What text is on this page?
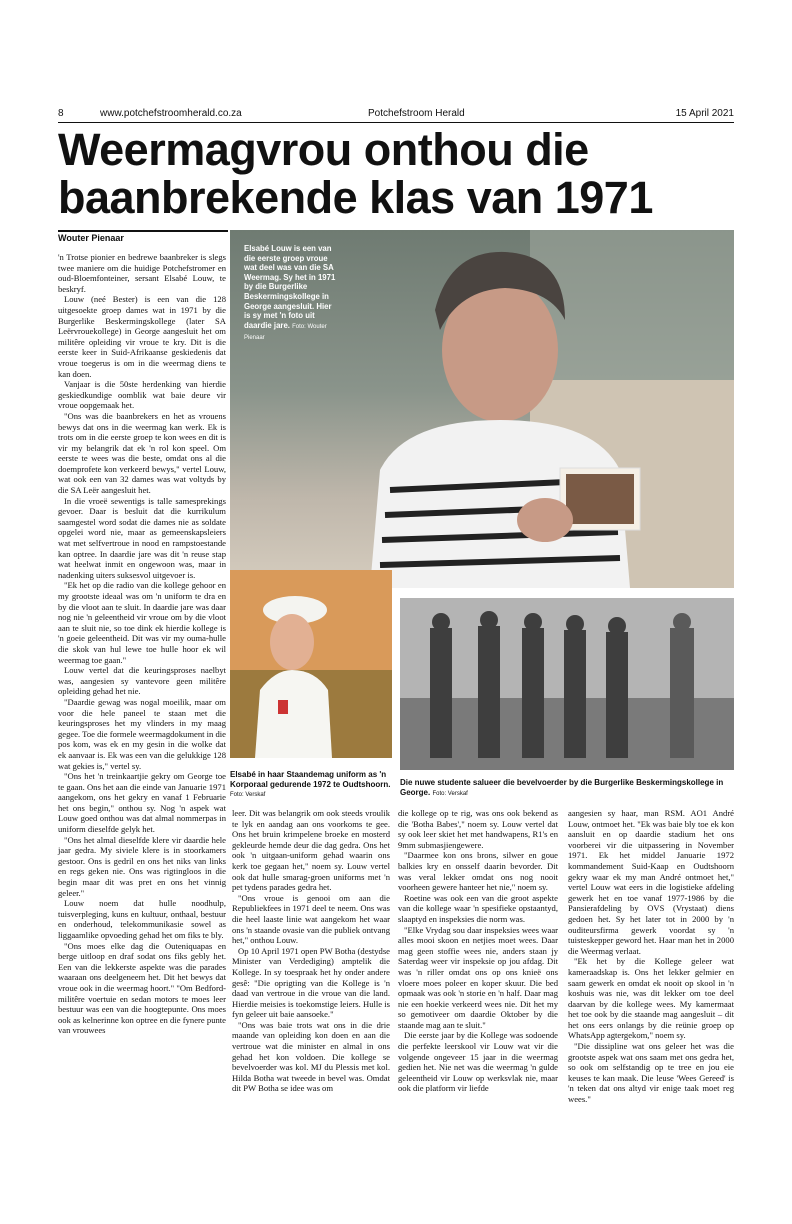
8	www.potchefstroomherald.co.za	Potchefstroom Herald	15 April 2021
Weermagvrou onthou die baanbrekende klas van 1971
Wouter Pienaar
Elsabé Louw is een van die eerste groep vroue wat deel was van die SA Weermag. Sy het in 1971 by die Burgerlike Beskermingskollege in George aangesluit. Hier is sy met 'n foto uit daardie jare. Foto: Wouter Pienaar
Elsabé in haar Staandemag uniform as 'n Korporaal gedurende 1972 te Oudtshoorn. Foto: Verskaf
Die nuwe studente salueer die bevelvoerder by die Burgerlike Beskermingskollege in George. Foto: Verskaf

'n Trotse pionier en bedrewe baanbreker is slegs twee maniere om die huidige Potchefstromer en oud-Bloemfonteiner, sersant Elsabé Louw, te beskryf.

Louw (neé Bester) is een van die 128 uitgesoekte groep dames wat in 1971 by die Burgerlike Beskermingskollege (later SA Leërvrouekollege) in George aangesluit het om militêre opleiding vir vroue te kry. Dit is die eerste keer in Suid-Afrikaanse geskiedenis dat vroue toegerus is om in die weermag diens te kan doen.

Vanjaar is die 50ste herdenking van hierdie geskiedkundige oomblik wat baie deure vir vroue oopgemaak het.

"Ons was die baanbrekers en het as vrouens bewys dat ons in die weermag kan werk. Ek is trots om in die eerste groep te kon wees en dit is vir my belangrik dat ek 'n rol kon speel. Om eerste te wees was die beste, omdat ons al die doemprofete kon verkeerd bewys," vertel Louw, wat ook een van 32 dames was wat voltyds by die SA Leër aangesluit het.

In die vroeë sewentigs is talle samesprekings gevoer. Daar is besluit dat die kurrikulum saamgestel word sodat die dames nie as soldate opgelei word nie, maar as gemeenskapsleiers wat met selfvertroue in nood en rampstoestande kan optree. In daardie jare was dit 'n reuse stap wat heelwat inmit en ongewoon was, maar in nadenking uiters suksesvol uitgevoer is.

"Ek het op die radio van die kollege gehoor en my grootste ideaal was om 'n uniform te dra en by die vloot aan te sluit. In daardie jare was daar nog nie 'n geleentheid vir vroue om by die vloot aan te sluit nie, so toe dink ek hierdie kollege is 'n goeie geleentheid. Dit was vir my ouma-hulle die skok van hul lewe toe hulle hoor ek wil weermag toe gaan."

Louw vertel dat die keuringsproses naelbyt was, aangesien sy vantevore geen militêre opleiding gehad het nie.

"Daardie gewag was nogal moeilik, maar om voor die hele paneel te staan met die keuringsproses het my vlinders in my maag gegee. Toe die formele weermagdokument in die pos kom, was ek en my gesin in die wolke dat ek aanvaar is. Ek was een van die gelukkige 128 wat gekies is," vertel sy.

"Ons het 'n treinkaartjie gekry om George toe te gaan. Ons het aan die einde van Januarie 1971 aangekom, ons het gekry en vanaf 1 Februarie het ons begin," onthou sy. Nog 'n aspek wat Louw goed onthou was dat almal nommerpas in uniform dieselfde gelyk het.

"Ons het almal dieselfde klere vir daardie hele jaar gedra. My siviele klere is in stoorkamers gestoor. Ons is gedril en ons het niks van links en regs geken nie. Ons was rigtingloos in die begin maar dit was pret en ons het vinnig geleer."

Louw noem dat hulle noodhulp, tuisverpleging, kuns en kultuur, onthaal, bestuur en onderhoud, telekommunikasie sowel as liggaamlike opvoeding gehad het om fiks te bly.

"Ons moes elke dag die Outeniquapas en berge uitloop en draf sodat ons fiks gebly het. Een van die lekkerste aspekte was die parades waaraan ons deelgeneem het. Dit het bewys dat vroue ook in die weermag hoort." "Om Bedford-militêre voertuie en sedan motors te moes leer bestuur was een van die hoogtepunte. Ons moes ook as kelnerinne kon optree en die fynere punte van vrouwees

leer. Dit was belangrik om ook steeds vroulik te lyk en aandag aan ons voorkoms te gee. Ons het bruin krimpelene broeke en mosterd gekleurde hemde deur die dag gedra. Ons het ook 'n uitgaan-uniform gehad waarin ons kerk toe gegaan het," noem sy. Louw vertel ook dat hulle smarag-groen uniforms met 'n pet tydens parades gedra het.

"Ons vroue is genooi om aan die Republiekfees in 1971 deel te neem. Ons was die heel laaste linie wat aangekom het waar ons 'n staande ovasie van die publiek ontvang het," onthou Louw.

Op 10 April 1971 open PW Botha (destydse Minister van Verdediging) amptelik die Kollege. In sy toespraak het hy onder andere gesê: "Die oprigting van die Kollege is 'n daad van vertroue in die vroue van die land. Hierdie meisies is toekomstige leiers. Hulle is fyn geleer uit baie aansoeke."

"Ons was baie trots wat ons in die drie maande van opleiding kon doen en aan die vertroue wat die minister en almal in ons gehad het kon voldoen. Die kollege se bevelvoerder was kol. MJ du Plessis met kol. Hilda Botha wat tweede in bevel was. Omdat dit PW Botha se idee was om

die kollege op te rig, was ons ook bekend as die 'Botha Babes'," noem sy. Louw vertel dat sy ook leer skiet het met handwapens, R1's en 9mm submasjiengewere.

"Daarmee kon ons brons, silwer en goue balkies kry en onsself daarin bevorder. Dit was veral lekker omdat ons nog nooit voorheen gewere hanteer het nie," noem sy.

Roetine was ook een van die groot aspekte van die kollege waar 'n spesifieke opstaantyd, slaaptyd en inspeksies die norm was.

"Elke Vrydag sou daar inspeksies wees waar alles mooi skoon en netjies moet wees. Daar mag geen stoffie wees nie, anders staan jy Saterdag weer vir inspeksie op jou afdag. Dit was 'n riller omdat ons op ons knieë ons vloere moes poleer en koper skuur. Die bed opmaak was ook 'n storie en 'n half. Daar mag nie een hoekie verkeerd wees nie. Dit het my so gemotiveer om daardie Oktober by die staande mag aan te sluit."

Die eerste jaar by die Kollege was sodoende die perfekte leerskool vir Louw wat vir die volgende ongeveer 15 jaar in die weermag gedien het. Nie net was die weermag 'n gulde geleentheid vir Louw op werksvlak nie, maar ook die platform vir liefde

aangesien sy haar, man RSM. AO1 André Louw, ontmoet het. "Ek was baie bly toe ek kon aansluit en op daardie stadium het ons voorberei vir die uitpassering in November 1971. Ek het middel Januarie 1972 kommandement Suid-Kaap en Oudtshoorn gekry waar ek my man André ontmoet het," vertel Louw wat eers in die logistieke afdeling gewerk het en toe vanaf 1977-1986 by die Pansierafdeling by OVS (Vrystaat) diens gedoen het. Sy het later tot in 2000 by 'n ouditeursfirma gewerk voordat sy 'n tuisteskepper geword het. Haar man het in 2000 die Weermag verlaat.

"Ek het by die Kollege geleer wat kameraadskap is. Ons het lekker gelmier en saam gewerk en omdat ek nooit op skool in 'n koshuis was nie, was dit lekker om toe deel daarvan by die kollege wees. My kamermaat het toe ook by die staande mag aangesluit – dit het ons eers onlangs by die reünie groep op WhatsApp agtergekom," noem sy.

"Die dissipline wat ons geleer het was die grootste aspek wat ons saam met ons gedra het, so ook om selfstandig op te tree en jou eie keuses te kan maak. Die leuse 'Wees Gereed' is 'n teken dat ons altyd vir enige taak moet reg wees."
